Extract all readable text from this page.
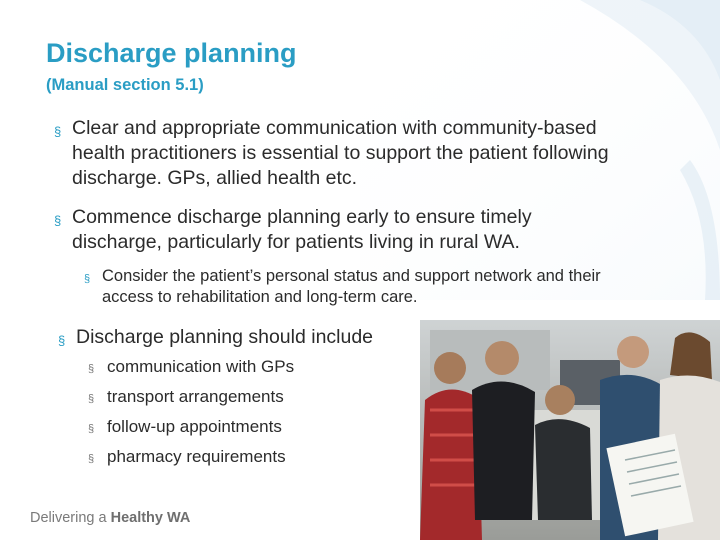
Discharge planning
(Manual section 5.1)
§ Clear and appropriate communication with community-based health practitioners is essential to support the patient following discharge. GPs, allied health etc.
§ Commence discharge planning early to ensure timely discharge, particularly for patients living in rural WA.
§ Consider the patient’s personal status and support network and their access to rehabilitation and long-term care.
§ Discharge planning should include
§ communication with GPs
§ transport arrangements
§ follow-up appointments
§ pharmacy requirements
Delivering a Healthy WA
